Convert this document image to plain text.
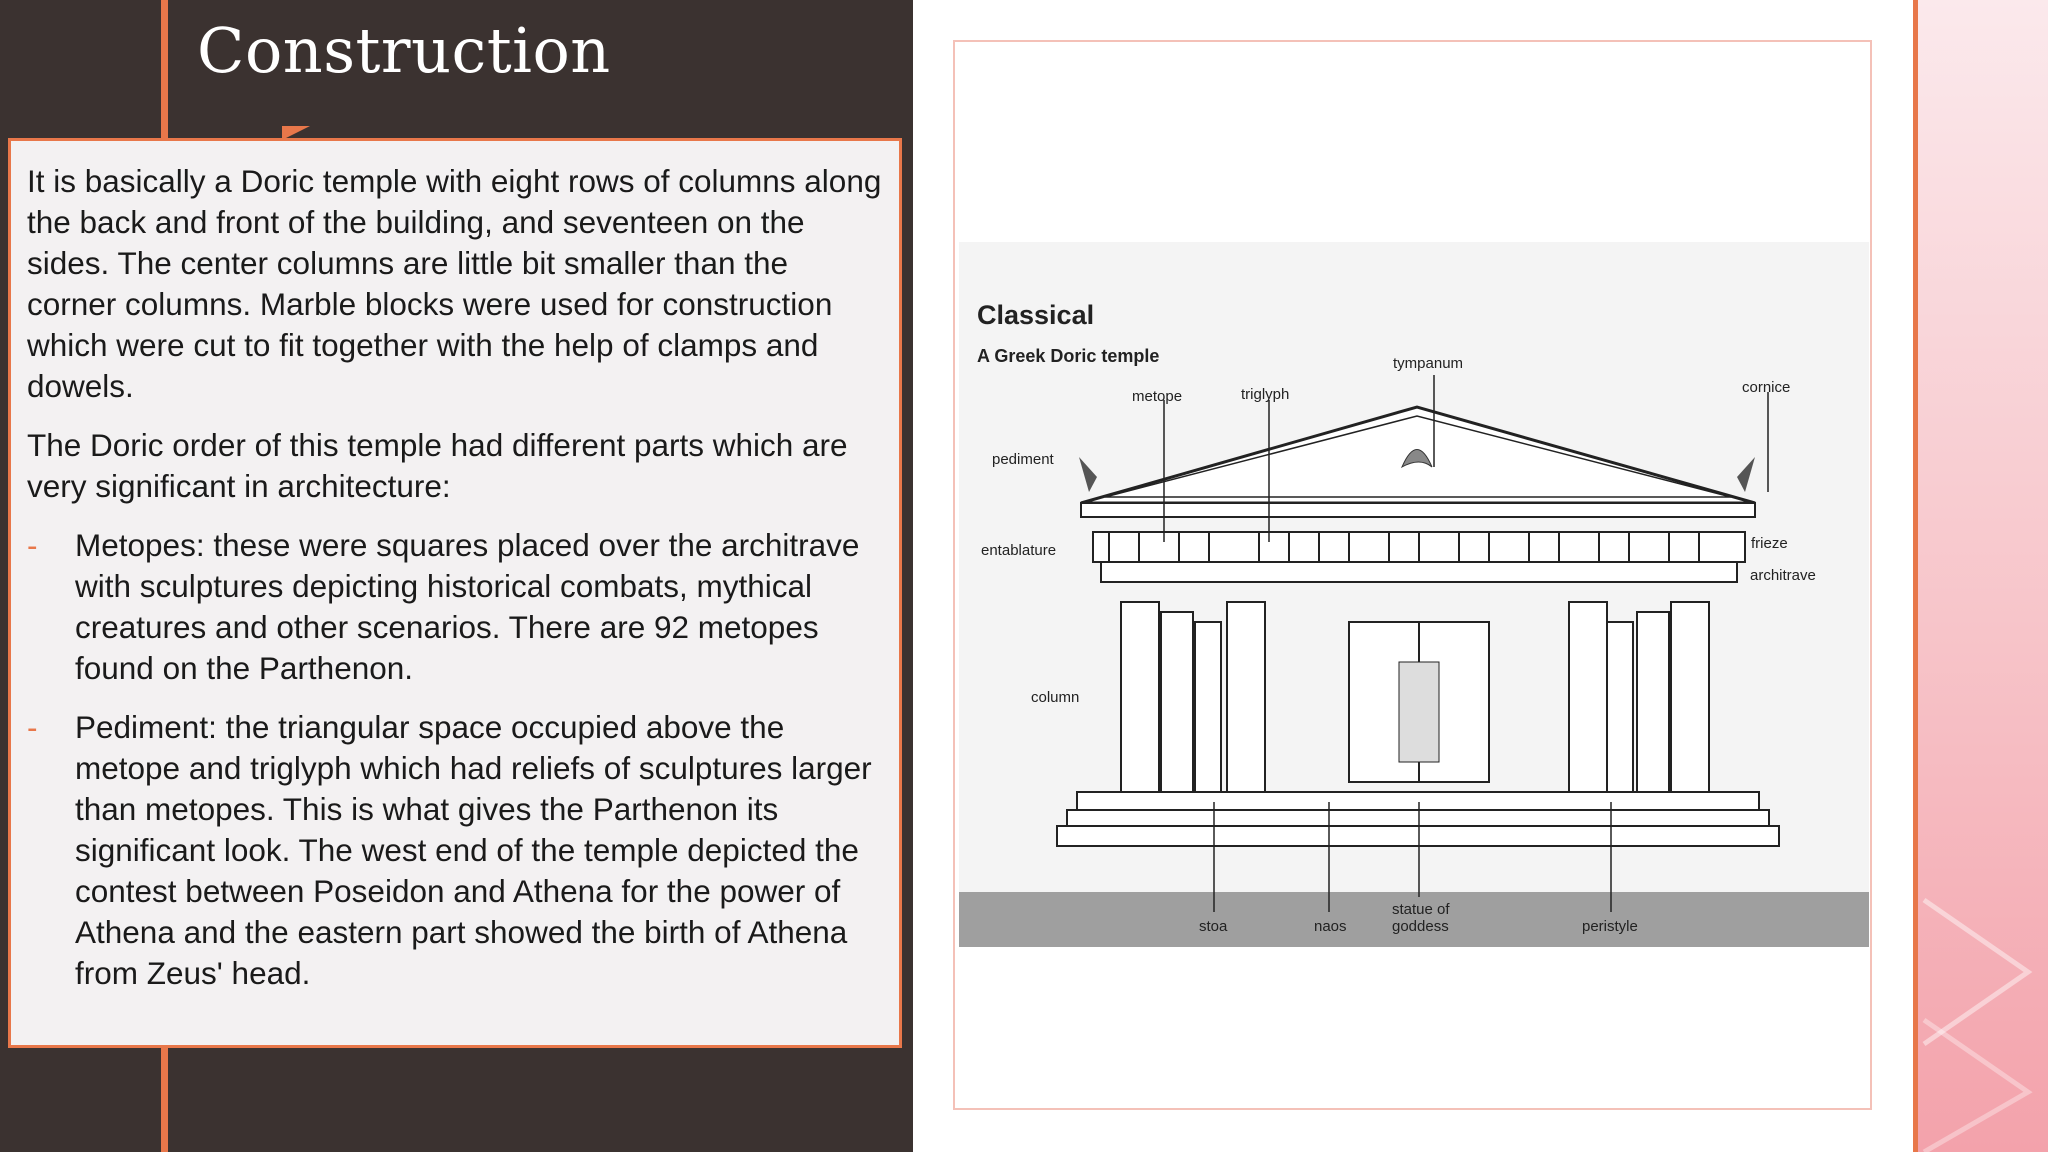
Construction

It is basically a Doric temple with eight rows of columns along the back and front of the building, and seventeen on the sides. The center columns are little bit smaller than the corner columns. Marble blocks were used for construction which were cut to fit together with the help of clamps and dowels.

The Doric order of this temple had different parts which are very significant in architecture:

- Metopes: these were squares placed over the architrave with sculptures depicting historical combats, mythical creatures and other scenarios. There are 92 metopes found on the Parthenon.
- Pediment: the triangular space occupied above the metope and triglyph which had reliefs of sculptures larger than metopes. This is what gives the Parthenon its significant look. The west end of the temple depicted the contest between Poseidon and Athena for the power of Athena and the eastern part showed the birth of Athena from Zeus' head.
Classical
A Greek Doric temple	tympanum
metope	triglyph	cornice
pediment
entablature	frieze
architrave
column
stoa	naos
statue of
goddess	peristyle
